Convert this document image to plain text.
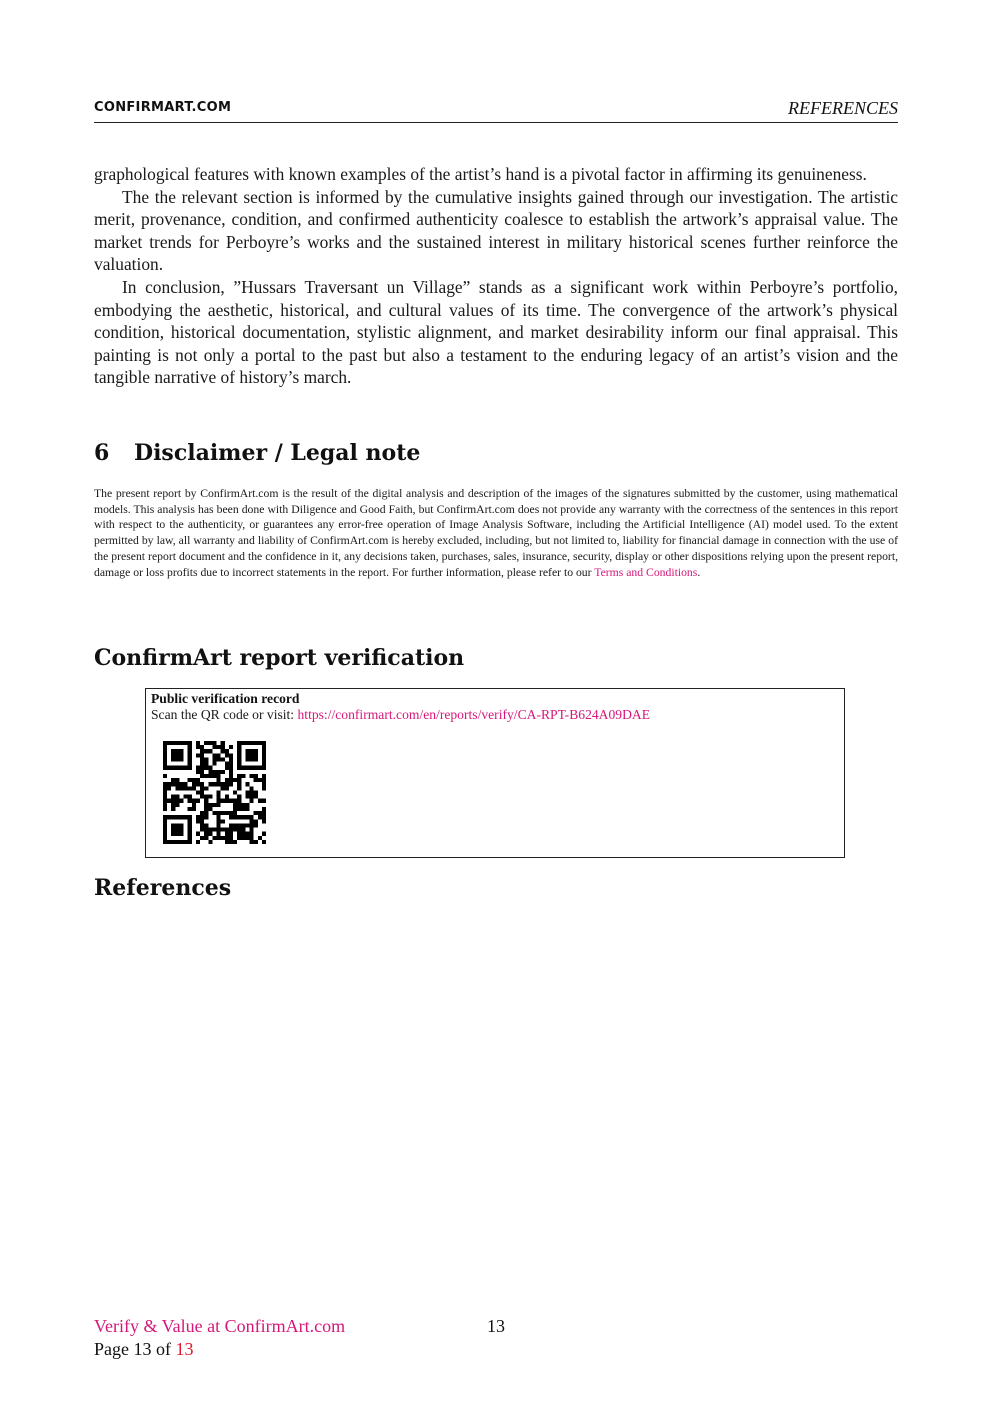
CONFIRMART.COM	REFERENCES

graphological features with known examples of the artist’s hand is a pivotal factor in affirming its genuineness.

The the relevant section is informed by the cumulative insights gained through our investigation. The artistic merit, provenance, condition, and confirmed authenticity coalesce to establish the artwork’s appraisal value. The market trends for Perboyre’s works and the sustained interest in military historical scenes further reinforce the valuation.

In conclusion, ”Hussars Traversant un Village” stands as a significant work within Perboyre’s portfolio, embodying the aesthetic, historical, and cultural values of its time. The convergence of the artwork’s physical condition, historical documentation, stylistic alignment, and market desirability inform our final appraisal. This painting is not only a portal to the past but also a testament to the enduring legacy of an artist’s vision and the tangible narrative of history’s march.

6 Disclaimer / Legal note

The present report by ConfirmArt.com is the result of the digital analysis and description of the images of the signatures submitted by the customer, using mathematical models. This analysis has been done with Diligence and Good Faith, but ConfirmArt.com does not provide any warranty with the correctness of the sentences in this report with respect to the authenticity, or guarantees any error-free operation of Image Analysis Software, including the Artificial Intelligence (AI) model used. To the extent permitted by law, all warranty and liability of ConfirmArt.com is hereby excluded, including, but not limited to, liability for financial damage in connection with the use of the present report document and the confidence in it, any decisions taken, purchases, sales, insurance, security, display or other dispositions relying upon the present report, damage or loss profits due to incorrect statements in the report. For further information, please refer to our Terms and Conditions.

ConfirmArt report verification
Public verification record
Scan the QR code or visit: https://confirmart.com/en/reports/verify/CA-RPT-B624A09DAE
References
Verify & Value at ConfirmArt.com	13
Page 13 of 13
